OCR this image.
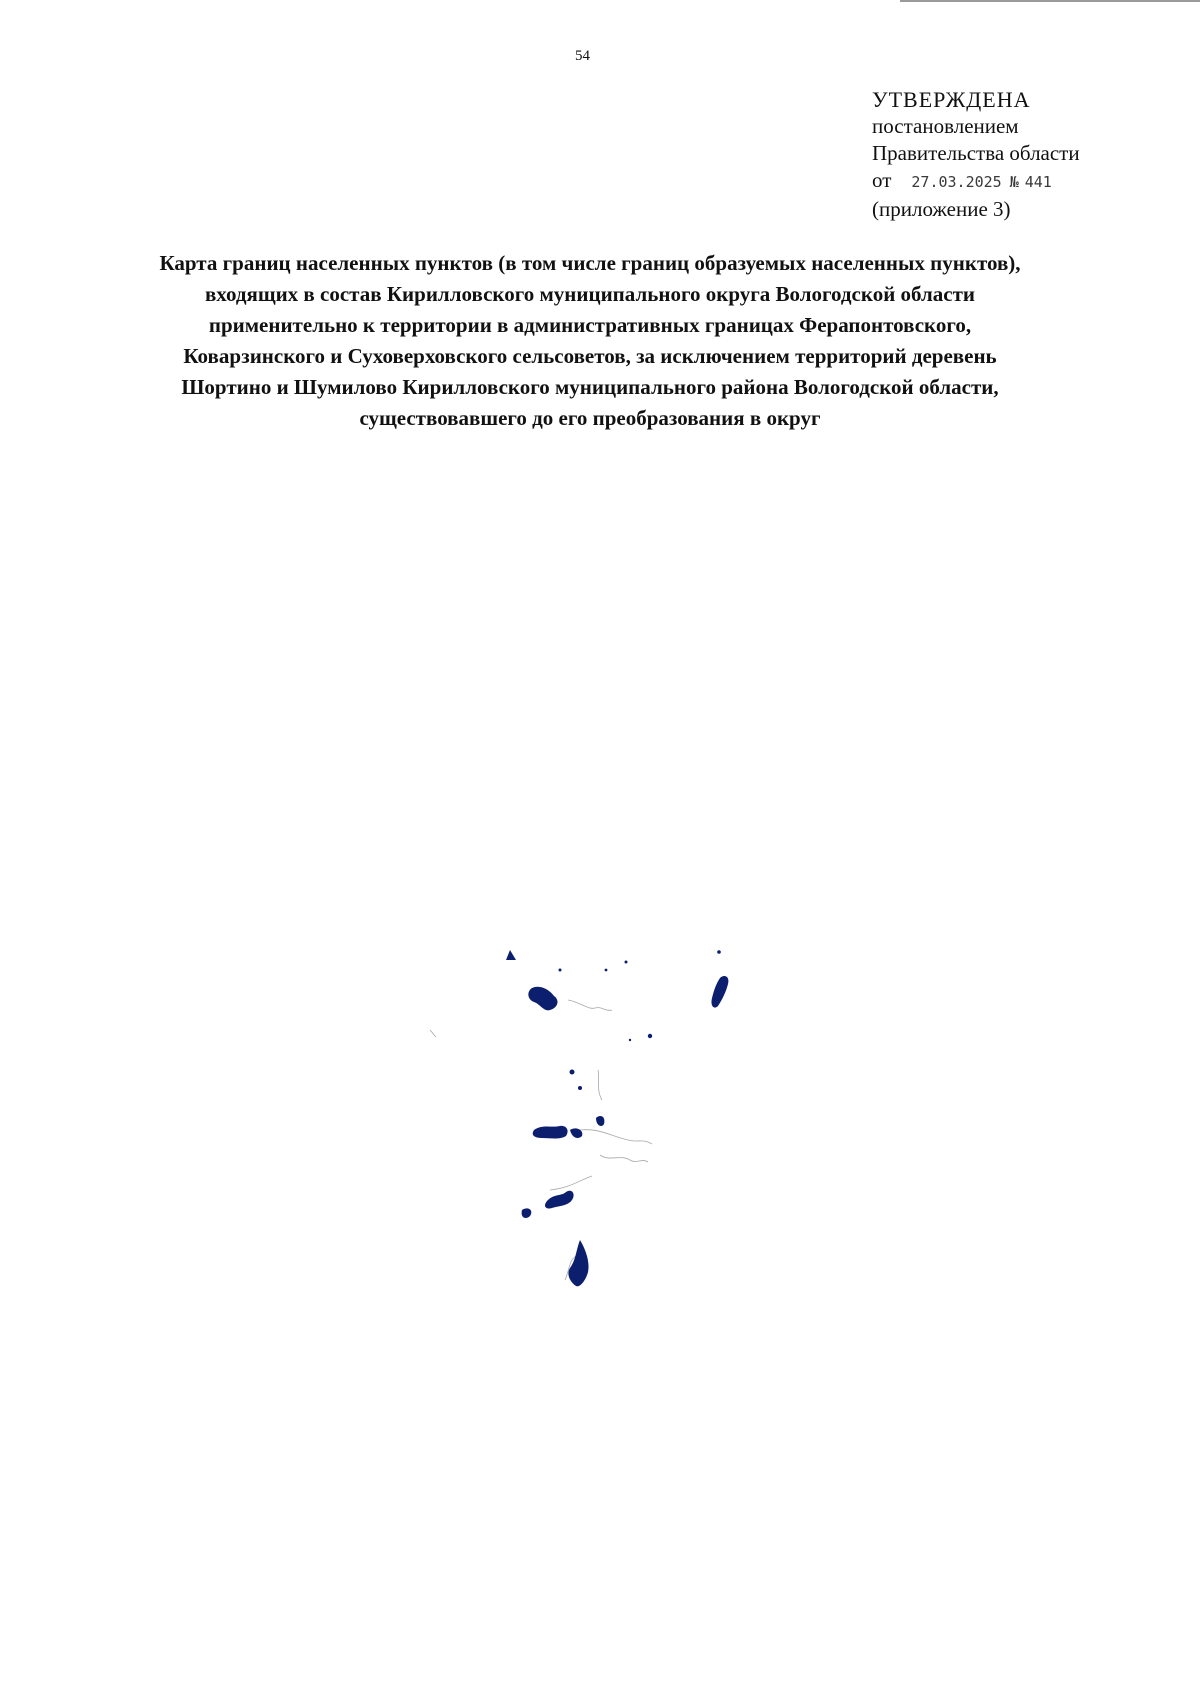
54
УТВЕРЖДЕНА
постановлением
Правительства области
от 27.03.2025 № 441
(приложение 3)
Карта границ населенных пунктов (в том числе границ образуемых населенных пунктов),
входящих в состав Кирилловского муниципального округа Вологодской области
применительно к территории в административных границах Ферапонтовского,
Коварзинского и Суховерховского сельсоветов, за исключением территорий деревень
Шортино и Шумилово Кирилловского муниципального района Вологодской области,
существовавшего до его преобразования в округ
